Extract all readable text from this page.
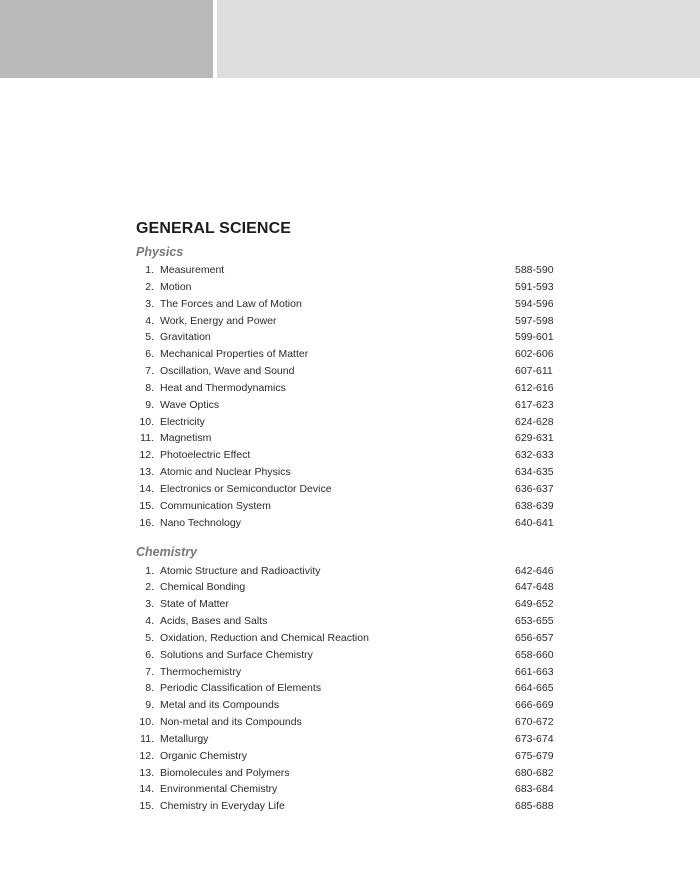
GENERAL SCIENCE
Physics
1. Measurement	588-590
2. Motion	591-593
3. The Forces and Law of Motion	594-596
4. Work, Energy and Power	597-598
5. Gravitation	599-601
6. Mechanical Properties of Matter	602-606
7. Oscillation, Wave and Sound	607-611
8. Heat and Thermodynamics	612-616
9. Wave Optics	617-623
10. Electricity	624-628
11. Magnetism	629-631
12. Photoelectric Effect	632-633
13. Atomic and Nuclear Physics	634-635
14. Electronics or Semiconductor Device	636-637
15. Communication System	638-639
16. Nano Technology	640-641
Chemistry
1. Atomic Structure and Radioactivity	642-646
2. Chemical Bonding	647-648
3. State of Matter	649-652
4. Acids, Bases and Salts	653-655
5. Oxidation, Reduction and Chemical Reaction	656-657
6. Solutions and Surface Chemistry	658-660
7. Thermochemistry	661-663
8. Periodic Classification of Elements	664-665
9. Metal and its Compounds	666-669
10. Non-metal and its Compounds	670-672
11. Metallurgy	673-674
12. Organic Chemistry	675-679
13. Biomolecules and Polymers	680-682
14. Environmental Chemistry	683-684
15. Chemistry in Everyday Life	685-688
